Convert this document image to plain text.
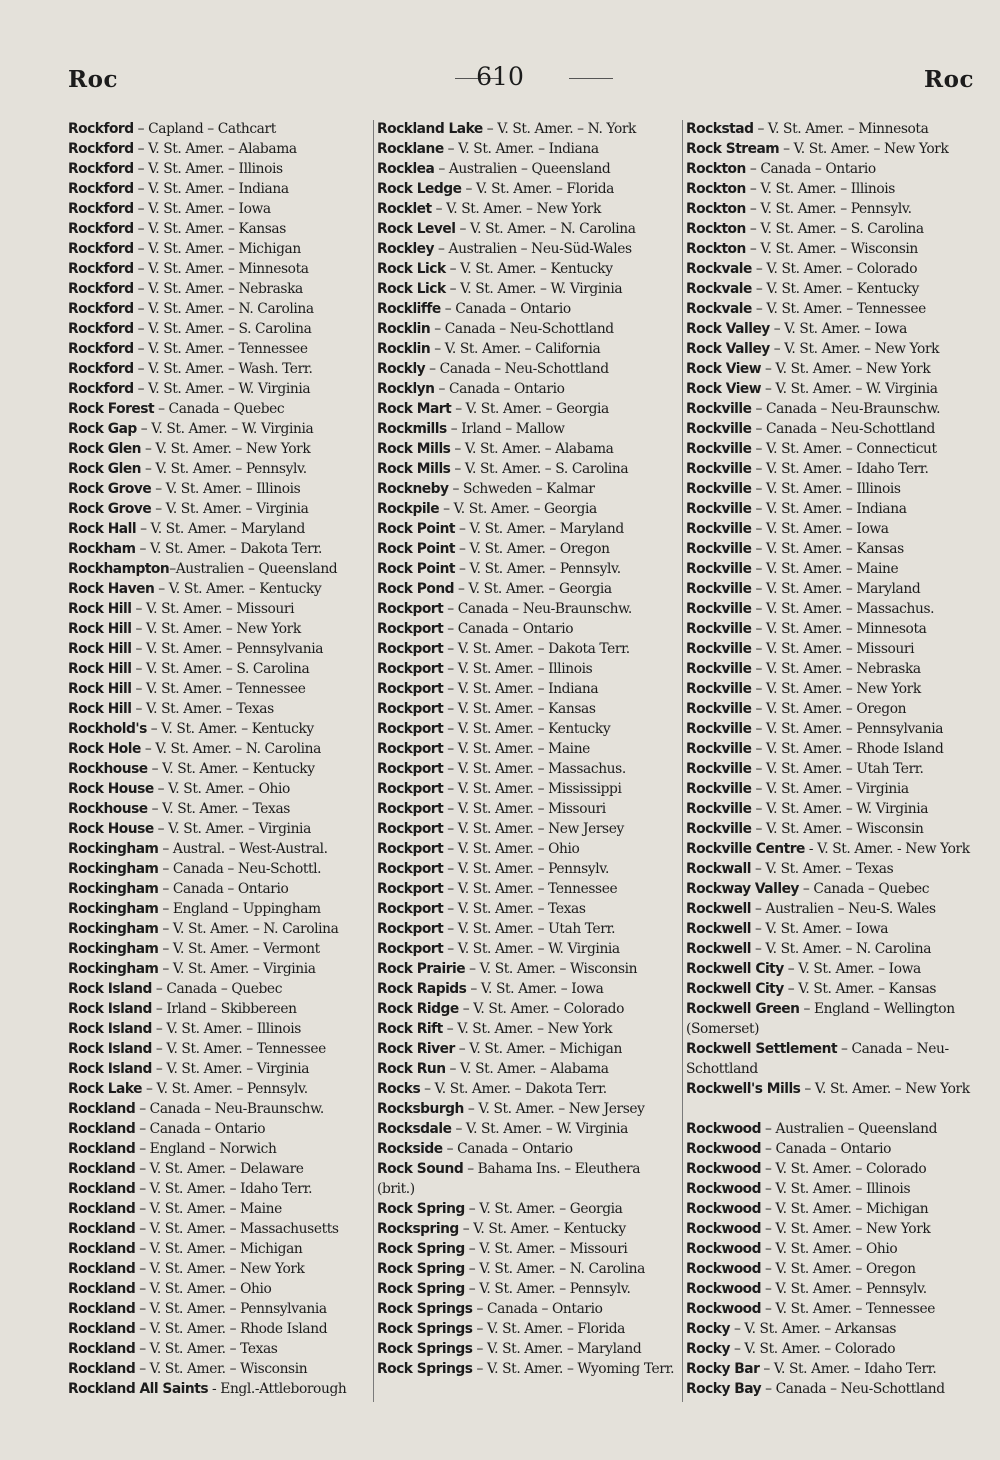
Roc	610	Roc
Rockford – Capland – Cathcart
Rockford – V. St. Amer. – Alabama
Rockford – V. St. Amer. – Illinois
Rockford – V. St. Amer. – Indiana
Rockford – V. St. Amer. – Iowa
Rockford – V. St. Amer. – Kansas
Rockford – V. St. Amer. – Michigan
Rockford – V. St. Amer. – Minnesota
Rockford – V. St. Amer. – Nebraska
Rockford – V. St. Amer. – N. Carolina
Rockford – V. St. Amer. – S. Carolina
Rockford – V. St. Amer. – Tennessee
Rockford – V. St. Amer. – Wash. Terr.
Rockford – V. St. Amer. – W. Virginia
Rock Forest – Canada – Quebec
Rock Gap – V. St. Amer. – W. Virginia
Rock Glen – V. St. Amer. – New York
Rock Glen – V. St. Amer. – Pennsylv.
Rock Grove – V. St. Amer. – Illinois
Rock Grove – V. St. Amer. – Virginia
Rock Hall – V. St. Amer. – Maryland
Rockham – V. St. Amer. – Dakota Terr.
Rockhampton–Australien – Queensland
Rock Haven – V. St. Amer. – Kentucky
Rock Hill – V. St. Amer. – Missouri
Rock Hill – V. St. Amer. – New York
Rock Hill – V. St. Amer. – Pennsylvania
Rock Hill – V. St. Amer. – S. Carolina
Rock Hill – V. St. Amer. – Tennessee
Rock Hill – V. St. Amer. – Texas
Rockhold's – V. St. Amer. – Kentucky
Rock Hole – V. St. Amer. – N. Carolina
Rockhouse – V. St. Amer. – Kentucky
Rock House – V. St. Amer. – Ohio
Rockhouse – V. St. Amer. – Texas
Rock House – V. St. Amer. – Virginia
Rockingham – Austral. – West-Austral.
Rockingham – Canada – Neu-Schottl.
Rockingham – Canada – Ontario
Rockingham – England – Uppingham
Rockingham – V. St. Amer. – N. Carolina
Rockingham – V. St. Amer. – Vermont
Rockingham – V. St. Amer. – Virginia
Rock Island – Canada – Quebec
Rock Island – Irland – Skibbereen
Rock Island – V. St. Amer. – Illinois
Rock Island – V. St. Amer. – Tennessee
Rock Island – V. St. Amer. – Virginia
Rock Lake – V. St. Amer. – Pennsylv.
Rockland – Canada – Neu-Braunschw.
Rockland – Canada – Ontario
Rockland – England – Norwich
Rockland – V. St. Amer. – Delaware
Rockland – V. St. Amer. – Idaho Terr.
Rockland – V. St. Amer. – Maine
Rockland – V. St. Amer. – Massachusetts
Rockland – V. St. Amer. – Michigan
Rockland – V. St. Amer. – New York
Rockland – V. St. Amer. – Ohio
Rockland – V. St. Amer. – Pennsylvania
Rockland – V. St. Amer. – Rhode Island
Rockland – V. St. Amer. – Texas
Rockland – V. St. Amer. – Wisconsin
Rockland All Saints - Engl.-Attleborough
Rockland Lake – V. St. Amer. – N. York
Rocklane – V. St. Amer. – Indiana
Rocklea – Australien – Queensland
Rock Ledge – V. St. Amer. – Florida
Rocklet – V. St. Amer. – New York
Rock Level – V. St. Amer. – N. Carolina
Rockley – Australien – Neu-Süd-Wales
Rock Lick – V. St. Amer. – Kentucky
Rock Lick – V. St. Amer. – W. Virginia
Rockliffe – Canada – Ontario
Rocklin – Canada – Neu-Schottland
Rocklin – V. St. Amer. – California
Rockly – Canada – Neu-Schottland
Rocklyn – Canada – Ontario
Rock Mart – V. St. Amer. – Georgia
Rockmills – Irland – Mallow
Rock Mills – V. St. Amer. – Alabama
Rock Mills – V. St. Amer. – S. Carolina
Rockneby – Schweden – Kalmar
Rockpile – V. St. Amer. – Georgia
Rock Point – V. St. Amer. – Maryland
Rock Point – V. St. Amer. – Oregon
Rock Point – V. St. Amer. – Pennsylv.
Rock Pond – V. St. Amer. – Georgia
Rockport – Canada – Neu-Braunschw.
Rockport – Canada – Ontario
Rockport – V. St. Amer. – Dakota Terr.
Rockport – V. St. Amer. – Illinois
Rockport – V. St. Amer. – Indiana
Rockport – V. St. Amer. – Kansas
Rockport – V. St. Amer. – Kentucky
Rockport – V. St. Amer. – Maine
Rockport – V. St. Amer. – Massachus.
Rockport – V. St. Amer. – Mississippi
Rockport – V. St. Amer. – Missouri
Rockport – V. St. Amer. – New Jersey
Rockport – V. St. Amer. – Ohio
Rockport – V. St. Amer. – Pennsylv.
Rockport – V. St. Amer. – Tennessee
Rockport – V. St. Amer. – Texas
Rockport – V. St. Amer. – Utah Terr.
Rockport – V. St. Amer. – W. Virginia
Rock Prairie – V. St. Amer. – Wisconsin
Rock Rapids – V. St. Amer. – Iowa
Rock Ridge – V. St. Amer. – Colorado
Rock Rift – V. St. Amer. – New York
Rock River – V. St. Amer. – Michigan
Rock Run – V. St. Amer. – Alabama
Rocks – V. St. Amer. – Dakota Terr.
Rocksburgh – V. St. Amer. – New Jersey
Rocksdale – V. St. Amer. – W. Virginia
Rockside – Canada – Ontario
Rock Sound – Bahama Ins. – Eleuthera (brit.)
Rock Spring – V. St. Amer. – Georgia
Rockspring – V. St. Amer. – Kentucky
Rock Spring – V. St. Amer. – Missouri
Rock Spring – V. St. Amer. – N. Carolina
Rock Spring – V. St. Amer. – Pennsylv.
Rock Springs – Canada – Ontario
Rock Springs – V. St. Amer. – Florida
Rock Springs – V. St. Amer. – Maryland
Rock Springs – V. St. Amer. – Wyoming Terr.
Rockstad – V. St. Amer. – Minnesota
Rock Stream – V. St. Amer. – New York
Rockton – Canada – Ontario
Rockton – V. St. Amer. – Illinois
Rockton – V. St. Amer. – Pennsylv.
Rockton – V. St. Amer. – S. Carolina
Rockton – V. St. Amer. – Wisconsin
Rockvale – V. St. Amer. – Colorado
Rockvale – V. St. Amer. – Kentucky
Rockvale – V. St. Amer. – Tennessee
Rock Valley – V. St. Amer. – Iowa
Rock Valley – V. St. Amer. – New York
Rock View – V. St. Amer. – New York
Rock View – V. St. Amer. – W. Virginia
Rockville – Canada – Neu-Braunschw.
Rockville – Canada – Neu-Schottland
Rockville – V. St. Amer. – Connecticut
Rockville – V. St. Amer. – Idaho Terr.
Rockville – V. St. Amer. – Illinois
Rockville – V. St. Amer. – Indiana
Rockville – V. St. Amer. – Iowa
Rockville – V. St. Amer. – Kansas
Rockville – V. St. Amer. – Maine
Rockville – V. St. Amer. – Maryland
Rockville – V. St. Amer. – Massachus.
Rockville – V. St. Amer. – Minnesota
Rockville – V. St. Amer. – Missouri
Rockville – V. St. Amer. – Nebraska
Rockville – V. St. Amer. – New York
Rockville – V. St. Amer. – Oregon
Rockville – V. St. Amer. – Pennsylvania
Rockville – V. St. Amer. – Rhode Island
Rockville – V. St. Amer. – Utah Terr.
Rockville – V. St. Amer. – Virginia
Rockville – V. St. Amer. – W. Virginia
Rockville – V. St. Amer. – Wisconsin
Rockville Centre - V. St. Amer. - New York
Rockwall – V. St. Amer. – Texas
Rockway Valley – Canada – Quebec
Rockwell – Australien – Neu-S. Wales
Rockwell – V. St. Amer. – Iowa
Rockwell – V. St. Amer. – N. Carolina
Rockwell City – V. St. Amer. – Iowa
Rockwell City – V. St. Amer. – Kansas
Rockwell Green – England – Wellington (Somerset)
Rockwell Settlement – Canada – Neu-Schottland
Rockwell's Mills – V. St. Amer. – New York
Rockwood – Australien – Queensland
Rockwood – Canada – Ontario
Rockwood – V. St. Amer. – Colorado
Rockwood – V. St. Amer. – Illinois
Rockwood – V. St. Amer. – Michigan
Rockwood – V. St. Amer. – New York
Rockwood – V. St. Amer. – Ohio
Rockwood – V. St. Amer. – Oregon
Rockwood – V. St. Amer. – Pennsylv.
Rockwood – V. St. Amer. – Tennessee
Rocky – V. St. Amer. – Arkansas
Rocky – V. St. Amer. – Colorado
Rocky Bar – V. St. Amer. – Idaho Terr.
Rocky Bay – Canada – Neu-Schottland
